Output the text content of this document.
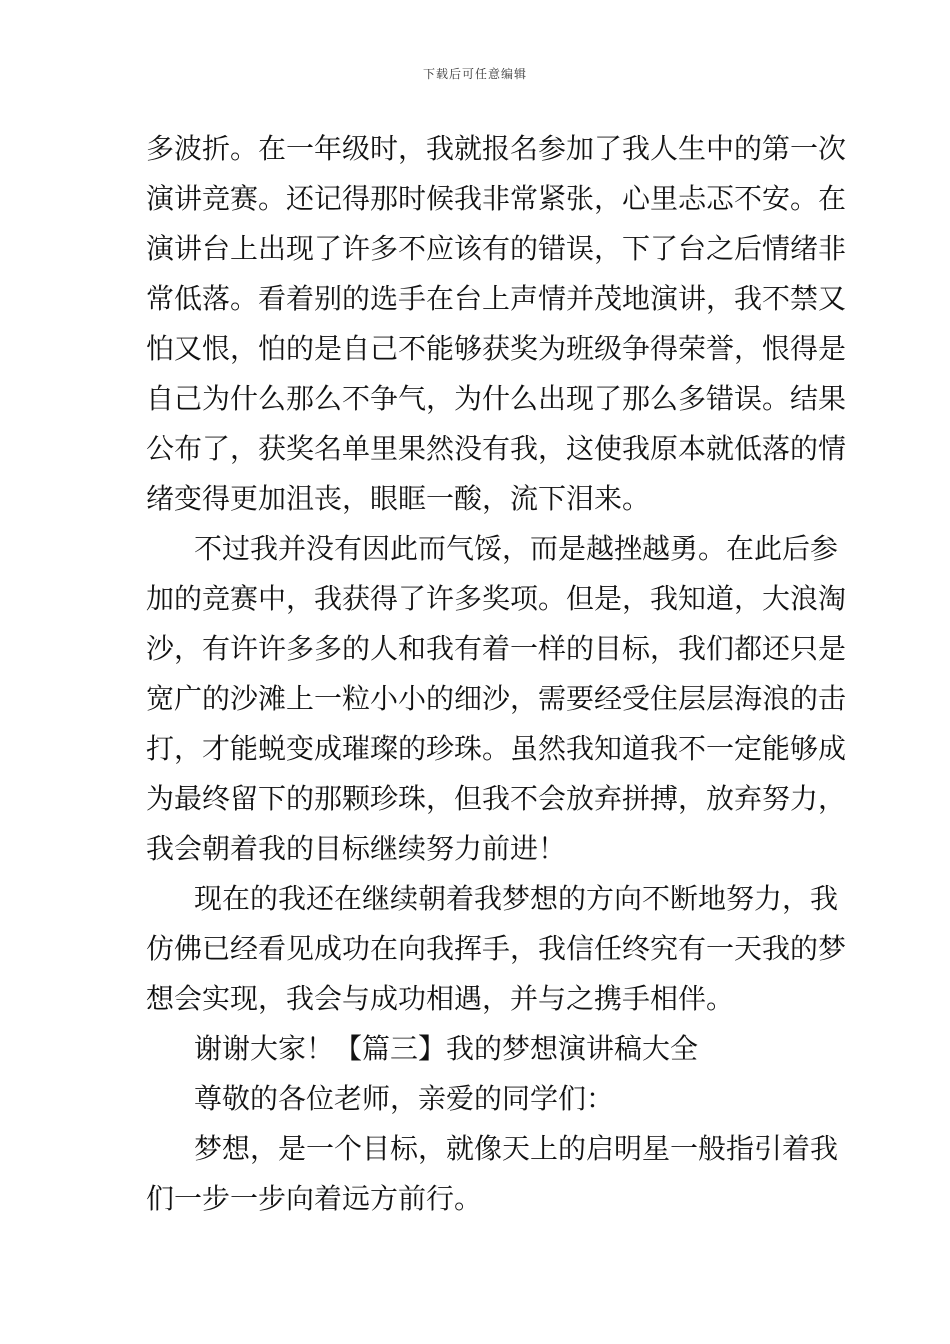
下载后可任意编辑
多波折。在一年级时，我就报名参加了我人生中的第一次
演讲竞赛。还记得那时候我非常紧张，心里忐忑不安。在
演讲台上出现了许多不应该有的错误，下了台之后情绪非
常低落。看着别的选手在台上声情并茂地演讲，我不禁又
怕又恨，怕的是自己不能够获奖为班级争得荣誉，恨得是
自己为什么那么不争气，为什么出现了那么多错误。结果
公布了，获奖名单里果然没有我，这使我原本就低落的情
绪变得更加沮丧，眼眶一酸，流下泪来。
不过我并没有因此而气馁，而是越挫越勇。在此后参
加的竞赛中，我获得了许多奖项。但是，我知道，大浪淘
沙，有许许多多的人和我有着一样的目标，我们都还只是
宽广的沙滩上一粒小小的细沙，需要经受住层层海浪的击
打，才能蜕变成璀璨的珍珠。虽然我知道我不一定能够成
为最终留下的那颗珍珠，但我不会放弃拼搏，放弃努力，
我会朝着我的目标继续努力前进！
现在的我还在继续朝着我梦想的方向不断地努力，我
仿佛已经看见成功在向我挥手，我信任终究有一天我的梦
想会实现，我会与成功相遇，并与之携手相伴。
谢谢大家！【篇三】我的梦想演讲稿大全
尊敬的各位老师，亲爱的同学们：
梦想，是一个目标，就像天上的启明星一般指引着我
们一步一步向着远方前行。
